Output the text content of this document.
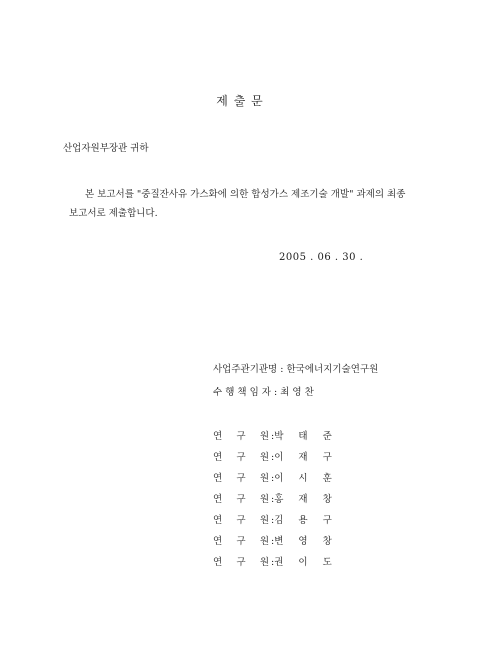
제 출 문
산업자원부장관 귀하
본 보고서를 "중질잔사유 가스화에 의한 합성가스 제조기술 개발" 과제의 최종
보고서로 제출합니다.
2005 . 06 . 30 .
사업주관기관명 : 한국에너지기술연구원
수 행 책 임 자 : 최 영 찬
연 구 원 :박 태 준
연 구 원 :이 재 구
연 구 원 :이 시 훈
연 구 원 :홍 재 창
연 구 원 :김 용 구
연 구 원 :변 영 창
연 구 원 :권 이 도
